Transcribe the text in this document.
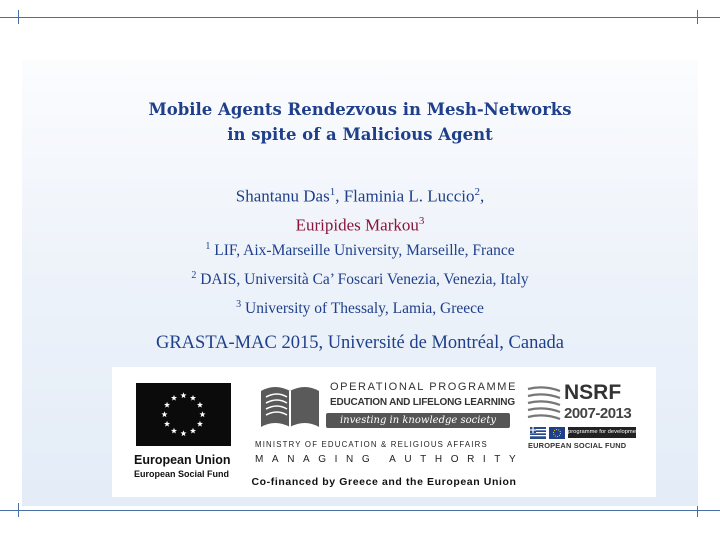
Mobile Agents Rendezvous in Mesh-Networks
in spite of a Malicious Agent
Shantanu Das$^1$, Flaminia L. Luccio$^2$,
Euripides Markou$^3$
$^1$ LIF, Aix-Marseille University, Marseille, France
$^2$ DAIS, Università Ca’ Foscari Venezia, Venezia, Italy
$^3$ University of Thessaly, Lamia, Greece
GRASTA-MAC 2015, Université de Montréal, Canada
European Union
European Social Fund
OPERATIONAL PROGRAMME
EDUCATION AND LIFELONG LEARNING
investing in knowledge society
MINISTRY OF EDUCATION & RELIGIOUS AFFAIRS
MANAGING AUTHORITY
Co-financed by Greece and the European Union
NSRF
2007-2013
programme for development
EUROPEAN SOCIAL FUND
